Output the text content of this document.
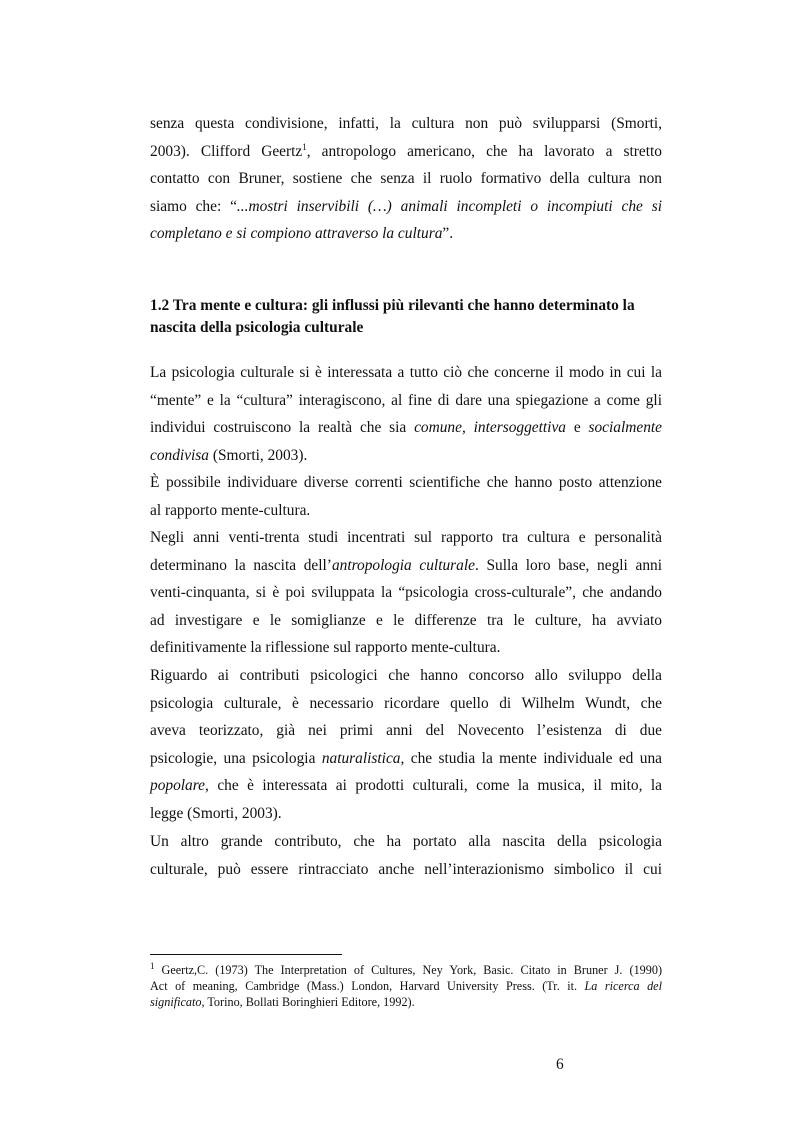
senza questa condivisione, infatti, la cultura non può svilupparsi (Smorti,
2003). Clifford Geertz$^1$, antropologo americano, che ha lavorato a stretto
contatto con Bruner, sostiene che senza il ruolo formativo della cultura non
siamo che: “...mostri inservibili (…) animali incompleti o incompiuti che si
completano e si compiono attraverso la cultura”.

1.2 Tra mente e cultura: gli influssi più rilevanti che hanno determinato la
nascita della psicologia culturale

La psicologia culturale si è interessata a tutto ciò che concerne il modo in cui la
“mente” e la “cultura” interagiscono, al fine di dare una spiegazione a come gli
individui costruiscono la realtà che sia comune, intersoggettiva e socialmente
condivisa (Smorti, 2003).

È possibile individuare diverse correnti scientifiche che hanno posto attenzione
al rapporto mente-cultura.

Negli anni venti-trenta studi incentrati sul rapporto tra cultura e personalità
determinano la nascita dell’antropologia culturale. Sulla loro base, negli anni
venti-cinquanta, si è poi sviluppata la “psicologia cross-culturale”, che andando
ad investigare e le somiglianze e le differenze tra le culture, ha avviato
definitivamente la riflessione sul rapporto mente-cultura.

Riguardo ai contributi psicologici che hanno concorso allo sviluppo della
psicologia culturale, è necessario ricordare quello di Wilhelm Wundt, che
aveva teorizzato, già nei primi anni del Novecento l’esistenza di due
psicologie, una psicologia naturalistica, che studia la mente individuale ed una
popolare, che è interessata ai prodotti culturali, come la musica, il mito, la
legge (Smorti, 2003).

Un altro grande contributo, che ha portato alla nascita della psicologia
culturale, può essere rintracciato anche nell’interazionismo simbolico il cui

$^1$ Geertz,C. (1973) The Interpretation of Cultures, Ney York, Basic. Citato in Bruner J. (1990)
Act of meaning, Cambridge (Mass.) London, Harvard University Press. (Tr. it. La ricerca del
significato, Torino, Bollati Boringhieri Editore, 1992).

6
